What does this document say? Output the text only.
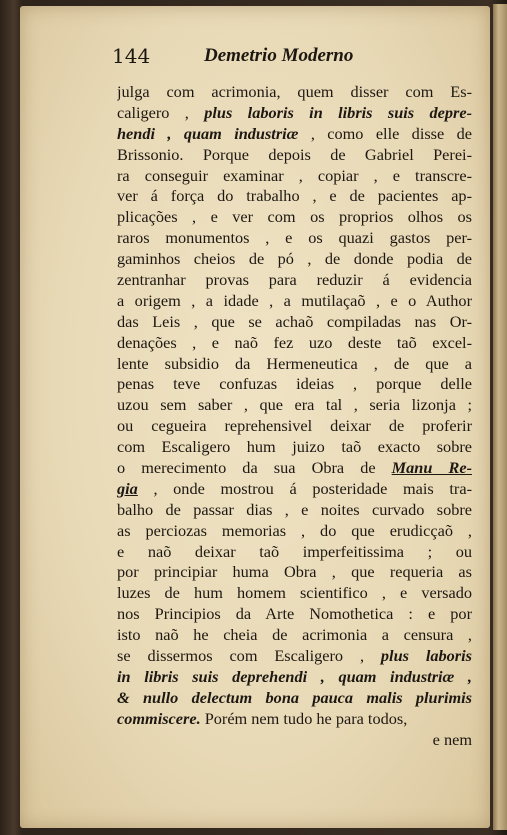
144	Demetrio Moderno
julga com acrimonia, quem disser com Es-
caligero , plus laboris in libris suis depre-
hendi , quam industriæ , como elle disse de
Brissonio. Porque depois de Gabriel Perei-
ra conseguir examinar , copiar , e transcre-
ver á força do trabalho , e de pacientes ap-
plicações , e ver com os proprios olhos os
raros monumentos , e os quazi gastos per-
gaminhos cheios de pó , de donde podia de
zentranhar provas para reduzir á evidencia
a origem , a idade , a mutilaçaõ , e o Author
das Leis , que se achaõ compiladas nas Or-
denações , e naõ fez uzo deste taõ excel-
lente subsidio da Hermeneutica , de que a
penas teve confuzas ideias , porque delle
uzou sem saber , que era tal , seria lizonja ;
ou cegueira reprehensivel deixar de proferir
com Escaligero hum juizo taõ exacto sobre
o merecimento da sua Obra de Manu Re-
gia , onde mostrou á posteridade mais tra-
balho de passar dias , e noites curvado sobre
as perciozas memorias , do que erudicçaõ ,
e naõ deixar taõ imperfeitissima ; ou
por principiar huma Obra , que requeria as
luzes de hum homem scientifico , e versado
nos Principios da Arte Nomothetica : e por
isto naõ he cheia de acrimonia a censura ,
se dissermos com Escaligero , plus laboris
in libris suis deprehendi , quam industriæ ,
& nullo delectum bona pauca malis plurimis
commiscere. Porém nem tudo he para todos,
e nem
